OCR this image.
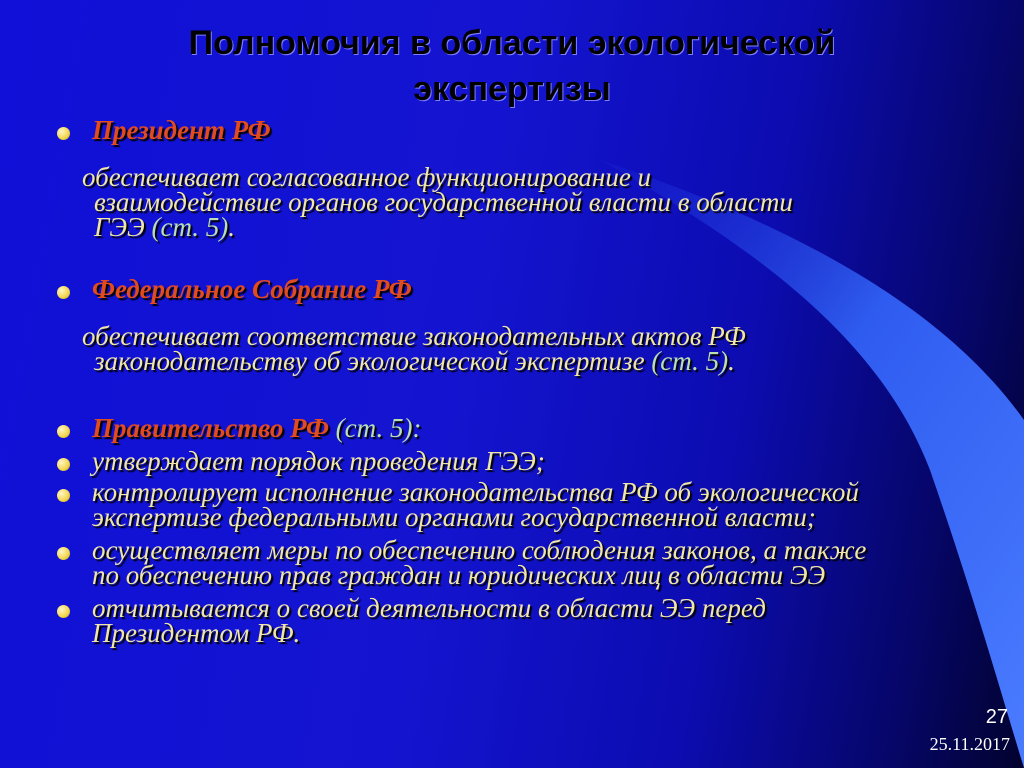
Полномочия в области экологической
экспертизы
Президент РФ
обеспечивает согласованное функционирование и
взаимодействие органов государственной власти в области
ГЭЭ (ст. 5).
Федеральное Собрание РФ
обеспечивает соответствие законодательных актов РФ
законодательству об экологической экспертизе (ст. 5).
Правительство РФ (ст. 5):
утверждает порядок проведения ГЭЭ;
контролирует исполнение законодательства РФ об экологической
экспертизе федеральными органами государственной власти;
осуществляет меры по обеспечению соблюдения законов, а также
по обеспечению прав граждан и юридических лиц в области ЭЭ
отчитывается о своей деятельности в области ЭЭ перед
Президентом РФ.
27
25.11.2017
